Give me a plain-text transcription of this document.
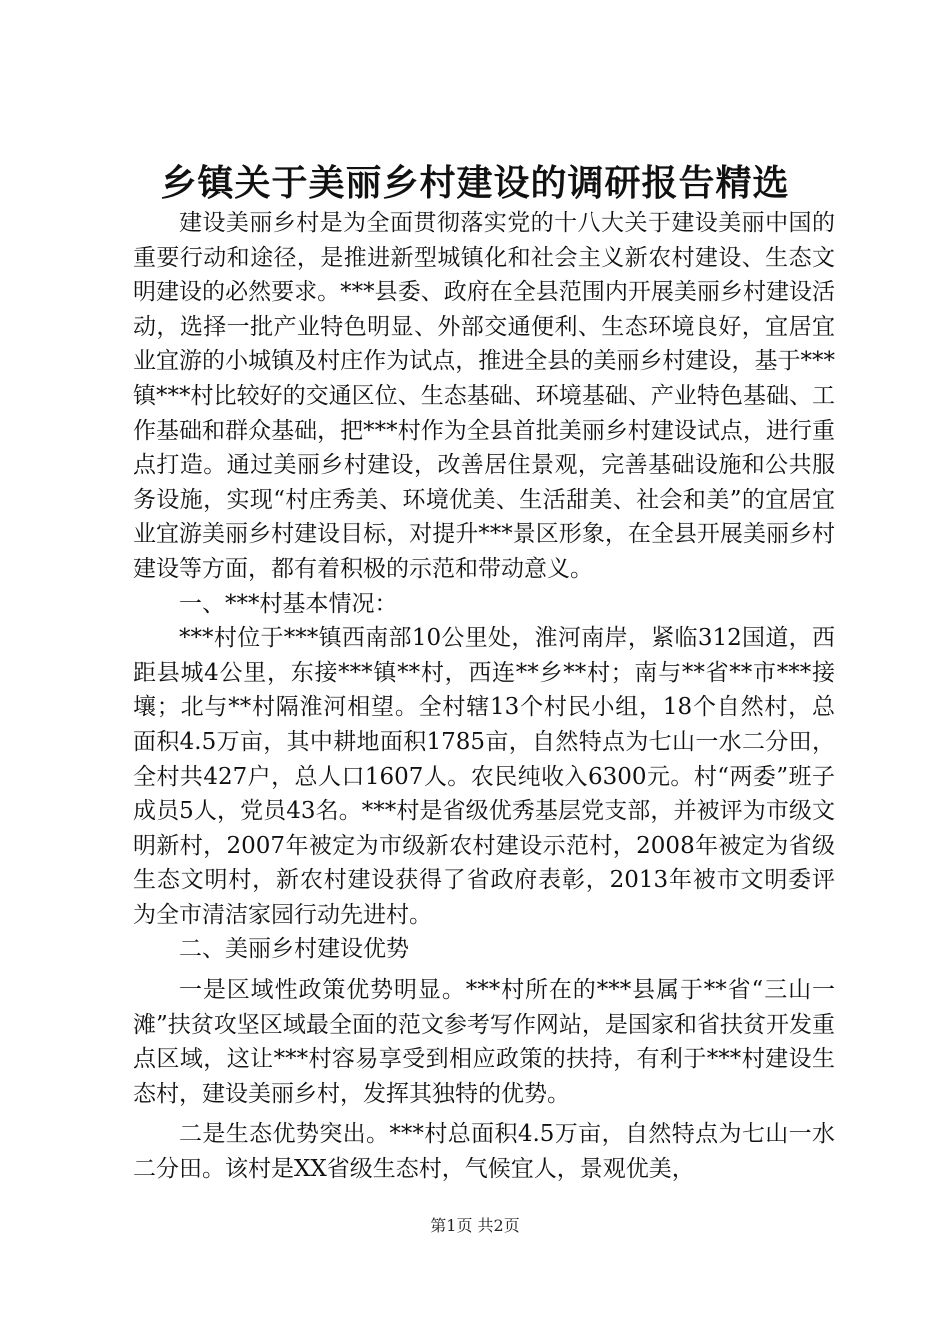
乡镇关于美丽乡村建设的调研报告精选

建设美丽乡村是为全面贯彻落实党的十八大关于建设美丽中国的重要行动和途径，是推进新型城镇化和社会主义新农村建设、生态文明建设的必然要求。***县委、政府在全县范围内开展美丽乡村建设活动，选择一批产业特色明显、外部交通便利、生态环境良好，宜居宜业宜游的小城镇及村庄作为试点，推进全县的美丽乡村建设，基于***镇***村比较好的交通区位、生态基础、环境基础、产业特色基础、工作基础和群众基础，把***村作为全县首批美丽乡村建设试点，进行重点打造。通过美丽乡村建设，改善居住景观，完善基础设施和公共服务设施，实现“村庄秀美、环境优美、生活甜美、社会和美”的宜居宜业宜游美丽乡村建设目标，对提升***景区形象，在全县开展美丽乡村建设等方面，都有着积极的示范和带动意义。

一、***村基本情况：

***村位于***镇西南部10公里处，淮河南岸，紧临312国道，西距县城4公里，东接***镇**村，西连**乡**村；南与**省**市***接壤；北与**村隔淮河相望。全村辖13个村民小组，18个自然村，总面积4.5万亩，其中耕地面积1785亩，自然特点为七山一水二分田，全村共427户，总人口1607人。农民纯收入6300元。村“两委”班子成员5人，党员43名。***村是省级优秀基层党支部，并被评为市级文明新村，2007年被定为市级新农村建设示范村，2008年被定为省级生态文明村，新农村建设获得了省政府表彰，2013年被市文明委评为全市清洁家园行动先进村。

二、美丽乡村建设优势

一是区域性政策优势明显。***村所在的***县属于**省“三山一滩”扶贫攻坚区域最全面的范文参考写作网站，是国家和省扶贫开发重点区域，这让***村容易享受到相应政策的扶持，有利于***村建设生态村，建设美丽乡村，发挥其独特的优势。

二是生态优势突出。***村总面积4.5万亩，自然特点为七山一水二分田。该村是XX省级生态村，气候宜人，景观优美，

第1页 共2页
